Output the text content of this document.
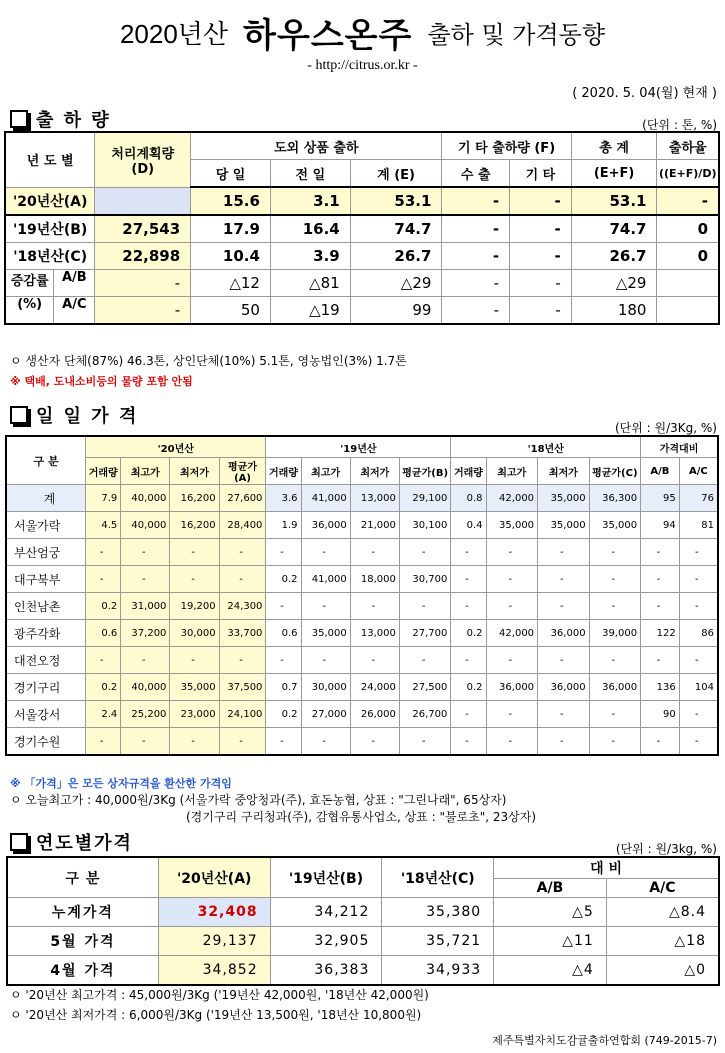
2020년산 하우스온주 출하 및 가격동향
- http://citrus.or.kr -
( 2020. 5. 04(월) 현재 )
출 하 량	(단위 : 톤, %)
년 도 별	처리계획량
(D)	도외 상품 출하			기 타 출하량 (F)		총 계	출하율
		당 일	전 일	계 (E)	수 출	기 타	(E+F)	((E+F)/D)
'20년산(A)		15.6	3.1	53.1	-	-	53.1	-
'19년산(B)	27,543	17.9	16.4	74.7	-	-	74.7	0
'18년산(C)	22,898	10.4	3.9	26.7	-	-	26.7	0

증감률 A/B	-	△12	△81	△29	-	-	△29	

(%) A/C	-	50	△19	99	-	-	180	
ㅇ 생산자 단체(87%) 46.3톤, 상인단체(10%) 5.1톤, 영농법인(3%) 1.7톤
※ 택배, 도내소비등의 물량 포함 안됨
일 일 가 격
(단위 : 원/3Kg, %)
구 분	'20년산				'19년산				'18년산				가격대비	
	거래량	최고가	최저가	평균가(A)	거래량	최고가	최저가	평균가(B)	거래량	최고가	최저가	평균가(C)	A/B	A/C
계	7.9	40,000	16,200	27,600	3.6	41,000	13,000	29,100	0.8	42,000	35,000	36,300	95	76
서울가락	4.5	40,000	16,200	28,400	1.9	36,000	21,000	30,100	0.4	35,000	35,000	35,000	94	81
부산엄궁	-	-	-	-	-	-	-	-	-	-	-	-	-	-
대구북부	-	-	-	-	0.2	41,000	18,000	30,700	-	-	-	-	-	-
인천남촌	0.2	31,000	19,200	24,300	-	-	-	-	-	-	-	-	-	-
광주각화	0.6	37,200	30,000	33,700	0.6	35,000	13,000	27,700	0.2	42,000	36,000	39,000	122	86
대전오정	-	-	-	-	-	-	-	-	-	-	-	-	-	-
경기구리	0.2	40,000	35,000	37,500	0.7	30,000	24,000	27,500	0.2	36,000	36,000	36,000	136	104
서울강서	2.4	25,200	23,000	24,100	0.2	27,000	26,000	26,700	-	-	-	-	90	-
경기수원	-	-	-	-	-	-	-	-	-	-	-	-	-	-
※ 「가격」은 모든 상자규격을 환산한 가격임
ㅇ 오늘최고가 : 40,000원/3Kg (서울가락 중앙청과(주), 효돈농협, 상표 : "그린나래", 65상자)
(경기구리 구리청과(주), 감협유통사업소, 상표 : "불로초", 23상자)
연도별가격	(단위 : 원/3kg, %)
구 분	'20년산(A)	'19년산(B)	'18년산(C)	대 비	
				A/B	A/C
누계가격	32,408	34,212	35,380	△5	△8.4
5월 가격	29,137	32,905	35,721	△11	△18
4월 가격	34,852	36,383	34,933	△4	△0
ㅇ '20년산 최고가격 : 45,000원/3Kg ('19년산 42,000원, '18년산 42,000원)
ㅇ '20년산 최저가격 : 6,000원/3Kg ('19년산 13,500원, '18년산 10,800원)
제주특별자치도감귤출하연합회 (749-2015-7)
